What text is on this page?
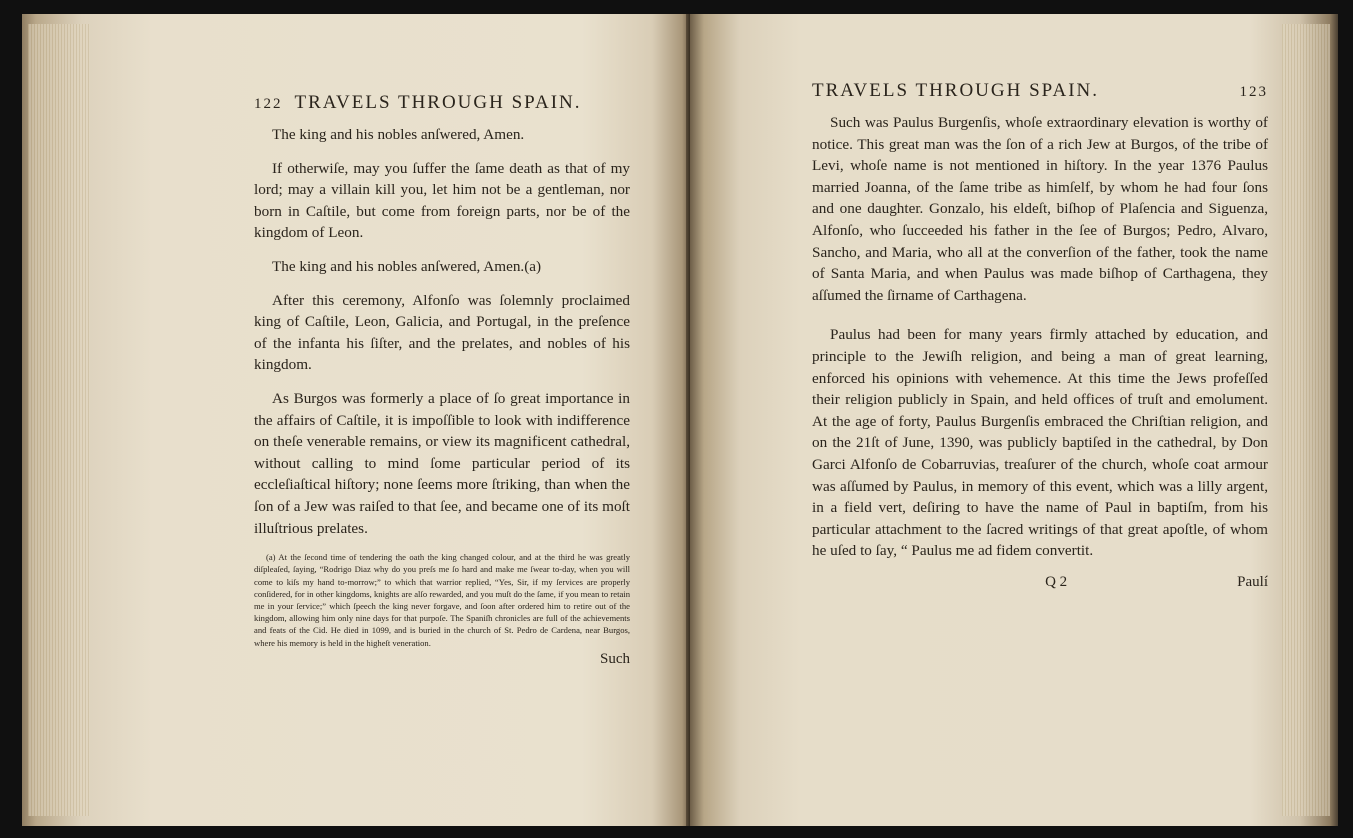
122 TRAVELS THROUGH SPAIN.

The king and his nobles anſwered, Amen.

If otherwiſe, may you ſuffer the ſame death as that of my lord; may a villain kill you, let him not be a gentleman, nor born in Caſtile, but come from foreign parts, nor be of the kingdom of Leon.

The king and his nobles anſwered, Amen.(a)

After this ceremony, Alfonſo was ſolemnly proclaimed king of Caſtile, Leon, Galicia, and Portugal, in the preſence of the infanta his ſiſter, and the prelates, and nobles of his kingdom.

As Burgos was formerly a place of ſo great importance in the affairs of Caſtile, it is impoſſible to look with indifference on theſe venerable remains, or view its magnificent cathedral, without calling to mind ſome particular period of its eccleſiaſtical hiſtory; none ſeems more ſtriking, than when the ſon of a Jew was raiſed to that ſee, and became one of its moſt illuſtrious prelates.

(a) At the ſecond time of tendering the oath the king changed colour, and at the third he was greatly diſpleaſed, ſaying, “Rodrigo Diaz why do you preſs me ſo hard and make me ſwear to-day, when you will come to kiſs my hand to-morrow;” to which that warrior replied, “Yes, Sir, if my ſervices are properly conſidered, for in other kingdoms, knights are alſo rewarded, and you muſt do the ſame, if you mean to retain me in your ſervice;” which ſpeech the king never forgave, and ſoon after ordered him to retire out of the kingdom, allowing him only nine days for that purpoſe. The Spaniſh chronicles are full of the achievements and feats of the Cid. He died in 1099, and is buried in the church of St. Pedro de Cardena, near Burgos, where his memory is held in the higheſt veneration.

Such
TRAVELS THROUGH SPAIN.	123

Such was Paulus Burgenſis, whoſe extraordinary elevation is worthy of notice. This great man was the ſon of a rich Jew at Burgos, of the tribe of Levi, whoſe name is not mentioned in hiſtory. In the year 1376 Paulus married Joanna, of the ſame tribe as himſelf, by whom he had four ſons and one daughter. Gonzalo, his eldeſt, biſhop of Plaſencia and Siguenza, Alfonſo, who ſucceeded his father in the ſee of Burgos; Pedro, Alvaro, Sancho, and Maria, who all at the converſion of the father, took the name of Santa Maria, and when Paulus was made biſhop of Carthagena, they aſſumed the ſirname of Carthagena.

Paulus had been for many years firmly attached by education, and principle to the Jewiſh religion, and being a man of great learning, enforced his opinions with vehemence. At this time the Jews profeſſed their religion publicly in Spain, and held offices of truſt and emolument. At the age of forty, Paulus Burgenſis embraced the Chriſtian religion, and on the 21ſt of June, 1390, was publicly baptiſed in the cathedral, by Don Garci Alfonſo de Cobarruvias, treaſurer of the church, whoſe coat armour was aſſumed by Paulus, in memory of this event, which was a lilly argent, in a field vert, deſiring to have the name of Paul in baptiſm, from his particular attachment to the ſacred writings of that great apoſtle, of whom he uſed to ſay, “ Paulus me ad fidem convertit.

Q 2	Paulí
